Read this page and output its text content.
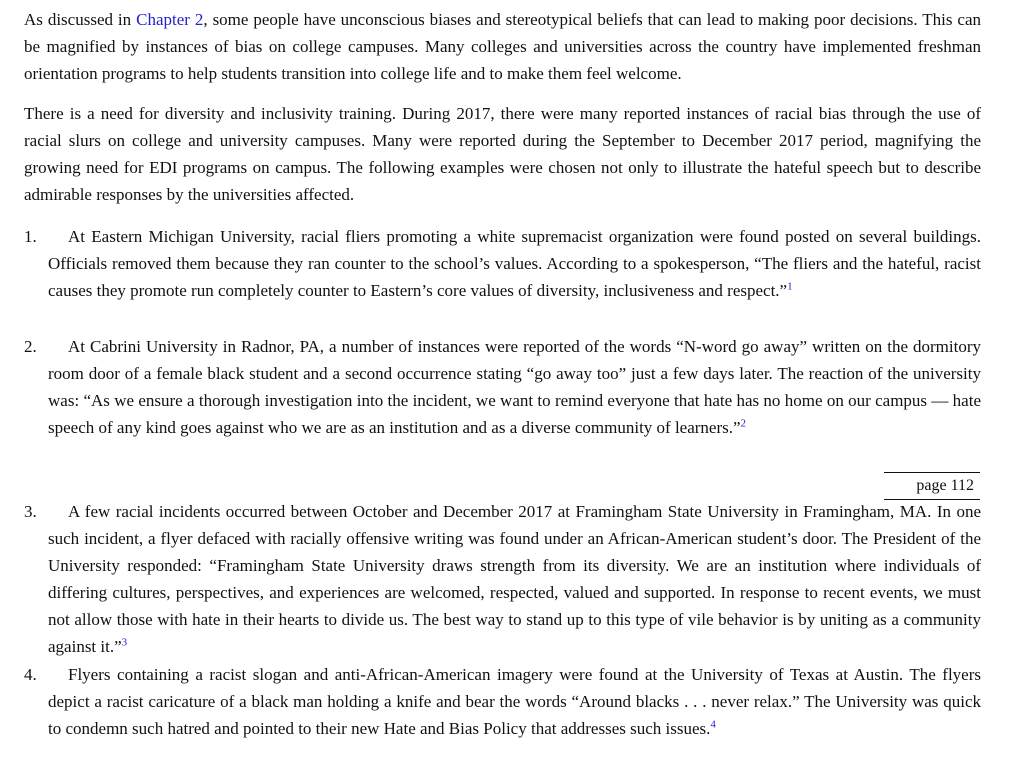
As discussed in Chapter 2, some people have unconscious biases and stereotypical beliefs that can lead to making poor decisions. This can be magnified by instances of bias on college campuses. Many colleges and universities across the country have implemented freshman orientation programs to help students transition into college life and to make them feel welcome.

There is a need for diversity and inclusivity training. During 2017, there were many reported instances of racial bias through the use of racial slurs on college and university campuses. Many were reported during the September to December 2017 period, magnifying the growing need for EDI programs on campus. The following examples were chosen not only to illustrate the hateful speech but to describe admirable responses by the universities affected.

1.	At Eastern Michigan University, racial fliers promoting a white supremacist organization were found posted on several buildings. Officials removed them because they ran counter to the school’s values. According to a spokesperson, “The fliers and the hateful, racist causes they promote run completely counter to Eastern’s core values of diversity, inclusiveness and respect.”$^1$
2.	At Cabrini University in Radnor, PA, a number of instances were reported of the words “N-word go away” written on the dormitory room door of a female black student and a second occurrence stating “go away too” just a few days later. The reaction of the university was: “As we ensure a thorough investigation into the incident, we want to remind everyone that hate has no home on our campus — hate speech of any kind goes against who we are as an institution and as a diverse community of learners.”$^2$
page 112
3.	A few racial incidents occurred between October and December 2017 at Framingham State University in Framingham, MA. In one such incident, a flyer defaced with racially offensive writing was found under an African-American student’s door. The President of the University responded: “Framingham State University draws strength from its diversity. We are an institution where individuals of differing cultures, perspectives, and experiences are welcomed, respected, valued and supported. In response to recent events, we must not allow those with hate in their hearts to divide us. The best way to stand up to this type of vile behavior is by uniting as a community against it.”$^3$
4.	Flyers containing a racist slogan and anti-African-American imagery were found at the University of Texas at Austin. The flyers depict a racist caricature of a black man holding a knife and bear the words “Around blacks . . . never relax.” The University was quick to condemn such hatred and pointed to their new Hate and Bias Policy that addresses such issues.$^4$
